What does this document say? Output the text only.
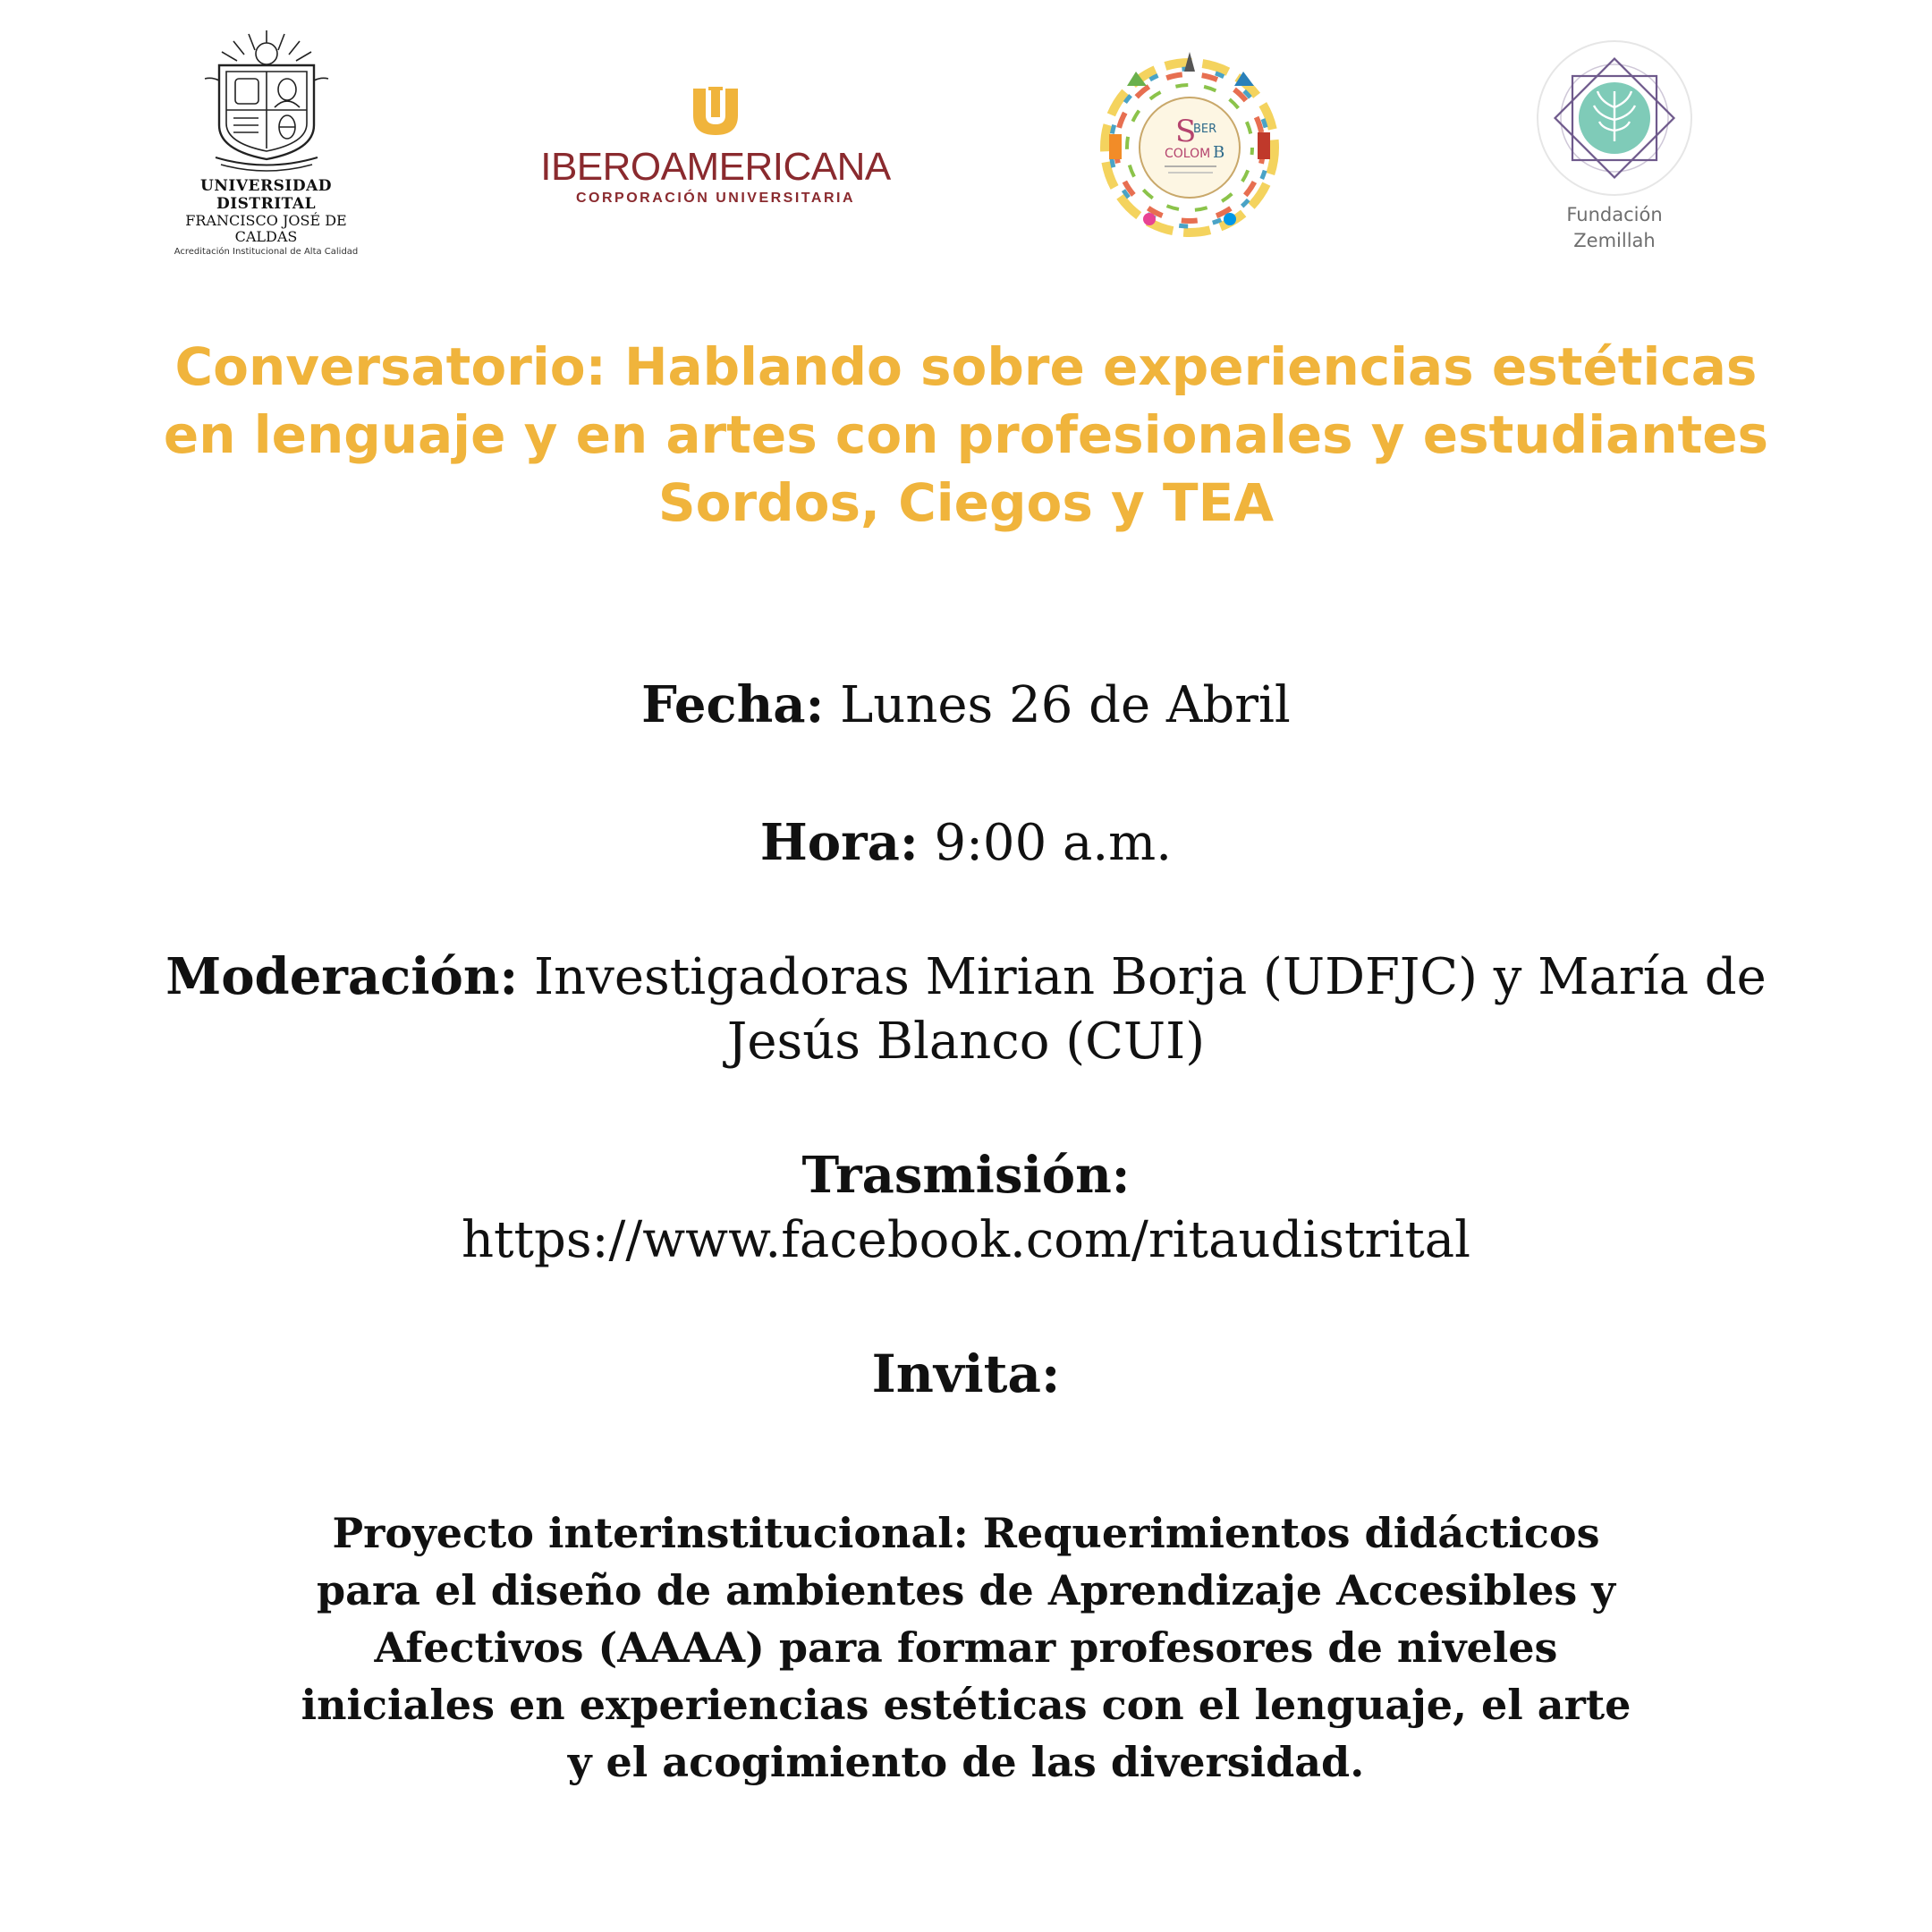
UNIVERSIDAD DISTRITAL
FRANCISCO JOSÉ DE CALDAS
Acreditación Institucional de Alta Calidad
IBEROAMERICANA
CORPORACIÓN UNIVERSITARIA
S
BER
COLOM B
Fundación
Zemillah
Conversatorio: Hablando sobre experiencias estéticas en lenguaje y en artes con profesionales y estudiantes Sordos, Ciegos y TEA

Fecha: Lunes 26 de Abril

Hora: 9:00 a.m.

Moderación: Investigadoras Mirian Borja (UDFJC) y María de Jesús Blanco (CUI)

Trasmisión:
https://www.facebook.com/ritaudistrital

Invita:

Proyecto interinstitucional: Requerimientos didácticos para el diseño de ambientes de Aprendizaje Accesibles y Afectivos (AAAA) para formar profesores de niveles iniciales en experiencias estéticas con el lenguaje, el arte y el acogimiento de las diversidad.
